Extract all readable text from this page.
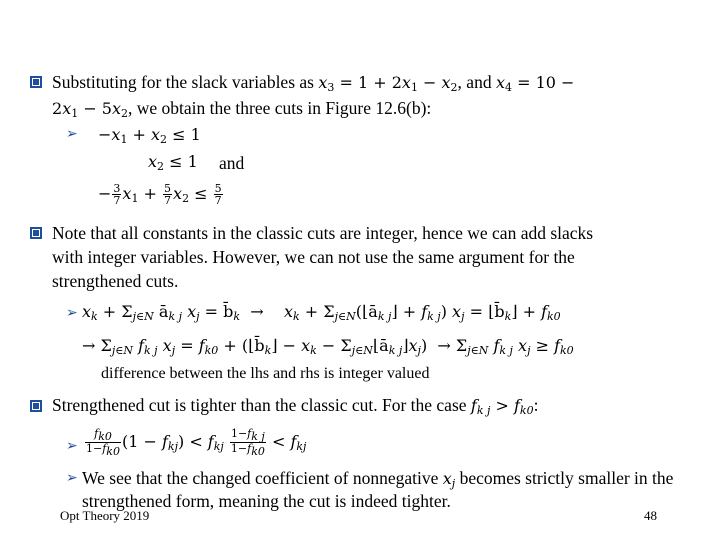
Substituting for the slack variables as $x_3 = 1 + 2x_1 - x_2$, and $x_4 = 10$ −
$2x_1 - 5x_2$, we obtain the three cuts in Figure 12.6(b):
➢ $-x_1 + x_2 \le 1$
$x_2 \le 1$ and
− $\frac{3}{7} x_1 + \frac{5}{7} x_2 \le \frac{5}{7}$
Note that all constants in the classic cuts are integer, hence we can add slacks
with integer variables. However, we can not use the same argument for the
strengthened cuts.
➢ $x_k + \Sigma_{j\in N}$ $ā_{k j}$ $x_j$ = $b̄_k$  →    $x_k$ + $\Sigma_{j\in N}(⌊ā_{k j}⌋ + f_{k j}) x_j$ = $⌊b̄_k⌋ + f_{k0}$
→ $\Sigma_{j\in N}$ $f_{k j}$ $x_j = f_{k0}$ + ($⌊b̄_k⌋ - x_k$ − $\Sigma_{j\in N}⌊ā_{k j}⌋x_j) \to \Sigma_{j\in N}$ $f_{k j}$ $x_j \ge f_{k0}$
difference between the lhs and rhs is integer valued
Strengthened cut is tighter than the classic cut. For the case $f_{k j} > f_{k0}$:
➢ $\frac{f_{k0}}{1-f_{k0}} (1 - f_{kj}) < f_{kj} \frac{1-f_{k j}}{1-f_{k0}} < f_{kj}$
➢ We see that the changed coefficient of nonnegative $x_j$ becomes strictly smaller in the
strengthened form, meaning the cut is indeed tighter.
Opt Theory 2019	48
